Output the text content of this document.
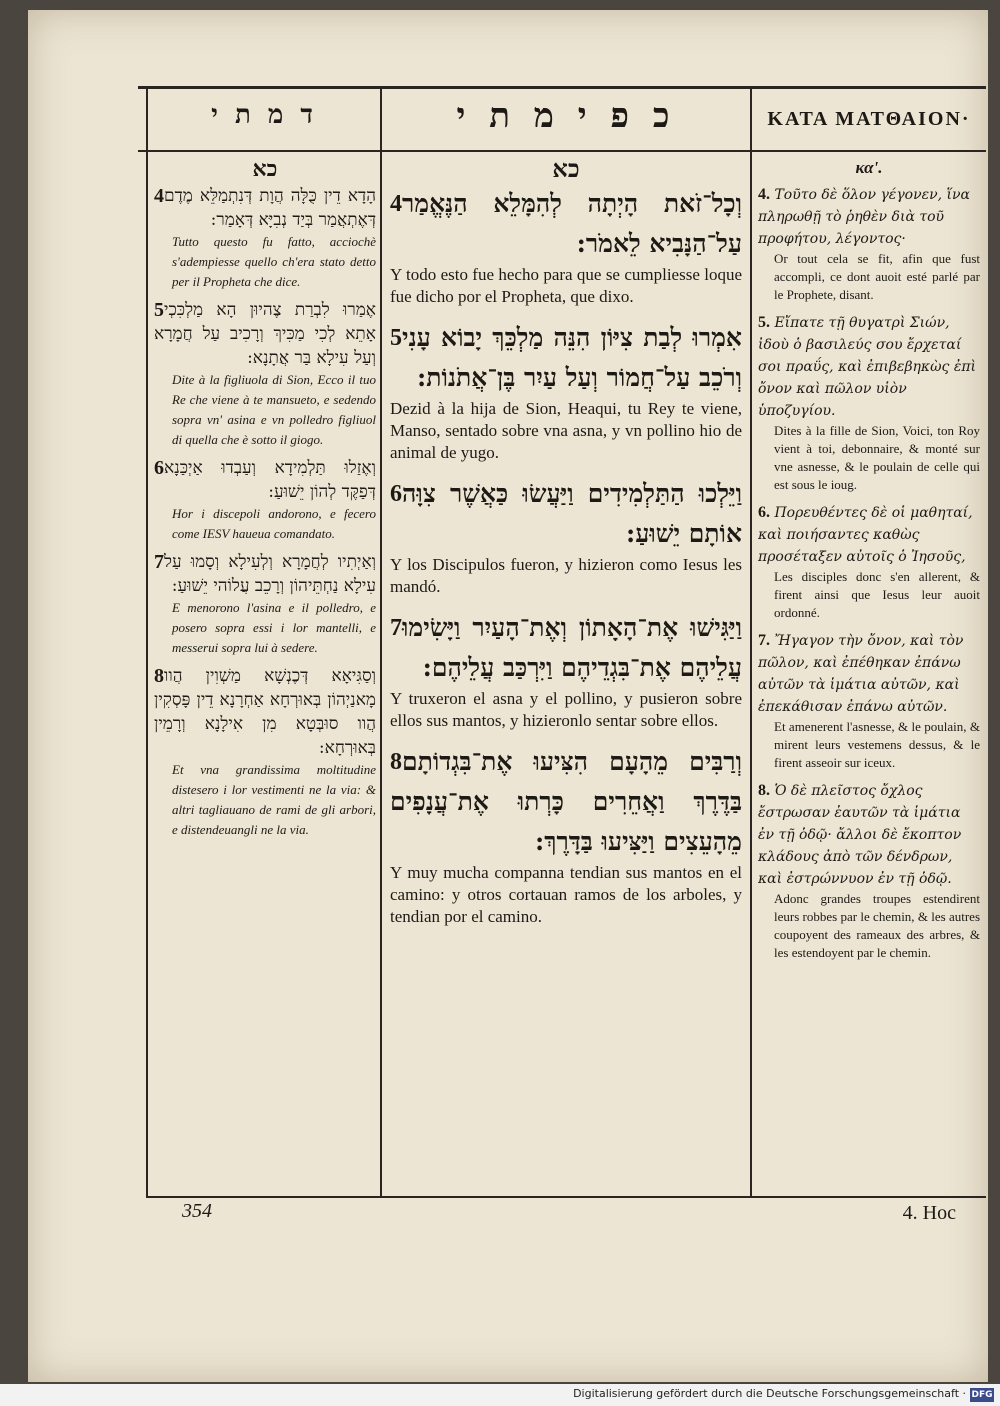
ד מ ת י	כ פ י מ ת י	ΚΑΤΑ ΜΑΤΘΑΙΟΝ·
כא
4 הָדָא דֵין כֻּלָּה הֲוָת דְּנִתְמַלֵּא מֶדֶם דְּאֶתְאֲמַר בְּיַד נְבִיָּא דְּאָמַר:
Tutto questo fu fatto, acciochè s'adempiesse quello ch'era stato detto per il Propheta che dice.
5 אֶמַרוּ לִבְרַת צֶהיוּן הָא מַלְכִּכְי אָתֵא לְכִי מַכִּיךְ וְרָכִיב עַל חֲמָרָא וְעַל עִילָא בַּר אֲתָנָא:
Dite à la figliuola di Sion, Ecco il tuo Re che viene à te mansueto, e sedendo sopra vn' asina e vn polledro figliuol di quella che è sotto il giogo.
6 וְאֶזַלוּ תַּלְמִידָא וְעַבְדוּ אַיְכַּנָא דְּפַקֶּד לְהוֹן יֵשׁוּעַ:
Hor i discepoli andorono, e fecero come IESV haueua comandato.
7 וְאַיְתִיו לְחֲמָרָא וְלְעִילָא וְסָמוּ עַל עִילָא נַחְתֵּיהוֹן וְרָכֵב עֲלוֹהי יֵשׁוּעַ:
E menorono l'asina e il polledro, e posero sopra essi i lor mantelli, e messerui sopra lui à sedere.
8 וְסַגִּיאָא דְּכֶנְשָׁא מַשְׁוִין הֲוו מָאנַיְהוֹן בְּאוּרְחָא אַחְרָנָא דֵין פָּסְקִין הֲוו סוּבְּטָא מִן אִילָנָא וְרָמֵין בְּאוּרְחָא:
Et vna grandissima moltitudine distesero i lor vestimenti ne la via: & altri tagliauano de rami de gli arbori, e distendeuangli ne la via.
כא
4 וְכָל־זֹאת הָיְתָה לְהִמָּלֵא הַנֶּאֱמַר עַל־הַנָּבִיא לֵאמֹר:
Y todo esto fue hecho para que se cumpliesse loque fue dicho por el Propheta, que dixo.
5 אִמְרוּ לְבַת צִיּוֹן הִנֵּה מַלְכֵּךְ יָבוֹא עָנִי וְרֹכֵב עַל־חֲמוֹר וְעַל עַיִר בֶּן־אֲתֹנוֹת:
Dezid à la hija de Sion, Heaqui, tu Rey te viene, Manso, sentado sobre vna asna, y vn pollino hio de animal de yugo.
6 וַיֵּלְכוּ הַתַּלְמִידִים וַיַּעֲשׂוּ כַּאֲשֶׁר צִוָּה אוֹתָם יֵשׁוּעַ:
Y los Discipulos fueron, y hizieron como Iesus les mandó.
7 וַיַּגִּישׁוּ אֶת־הָאָתוֹן וְאֶת־הָעַיִר וַיָּשִׂימוּ עֲלֵיהֶם אֶת־בִּגְדֵיהֶם וַיִּרְכַּב עֲלֵיהֶם:
Y truxeron el asna y el pollino, y pusieron sobre ellos sus mantos, y hizieronlo sentar sobre ellos.
8 וְרַבִּים מֵהָעָם הִצִּיעוּ אֶת־בִּגְדוֹתָם בַּדֶּרֶךְ וַאֲחֵרִים כָּרְתוּ אֶת־עֲנָפִים מֵהָעֵצִים וַיַּצִּיעוּ בַּדָּרֶךְ:
Y muy mucha companna tendian sus mantos en el camino: y otros cortauan ramos de los arboles, y tendian por el camino.
κα'.
4. Τοῦτο δὲ ὅλον γέγονεν, ἵνα πληρωθῇ τὸ ῥηθὲν διὰ τοῦ προφήτου, λέγοντος·
Or tout cela se fit, afin que fust accompli, ce dont auoit esté parlé par le Prophete, disant.
5. Εἴπατε τῇ θυγατρὶ Σιών, ἰδοὺ ὁ βασιλεύς σου ἔρχεταί σοι πραΰς, καὶ ἐπιβεβηκὼς ἐπὶ ὄνον καὶ πῶλον υἱὸν ὑποζυγίου.
Dites à la fille de Sion, Voici, ton Roy vient à toi, debonnaire, & monté sur vne asnesse, & le poulain de celle qui est sous le ioug.
6. Πορευθέντες δὲ οἱ μαθηταί, καὶ ποιήσαντες καθὼς προσέταξεν αὐτοῖς ὁ Ἰησοῦς,
Les disciples donc s'en allerent, & firent ainsi que Iesus leur auoit ordonné.
7. Ἤγαγον τὴν ὄνον, καὶ τὸν πῶλον, καὶ ἐπέθηκαν ἐπάνω αὐτῶν τὰ ἱμάτια αὐτῶν, καὶ ἐπεκάθισαν ἐπάνω αὐτῶν.
Et amenerent l'asnesse, & le poulain, & mirent leurs vestemens dessus, & le firent asseoir sur iceux.
8. Ὁ δὲ πλεῖστος ὄχλος ἔστρωσαν ἑαυτῶν τὰ ἱμάτια ἐν τῇ ὁδῷ· ἄλλοι δὲ ἔκοπτον κλάδους ἀπὸ τῶν δένδρων, καὶ ἐστρώννυον ἐν τῇ ὁδῷ.
Adonc grandes troupes estendirent leurs robbes par le chemin, & les autres coupoyent des rameaux des arbres, & les estendoyent par le chemin.
354	4. Hoc
Digitalisierung gefördert durch die Deutsche Forschungsgemeinschaft · DFG
